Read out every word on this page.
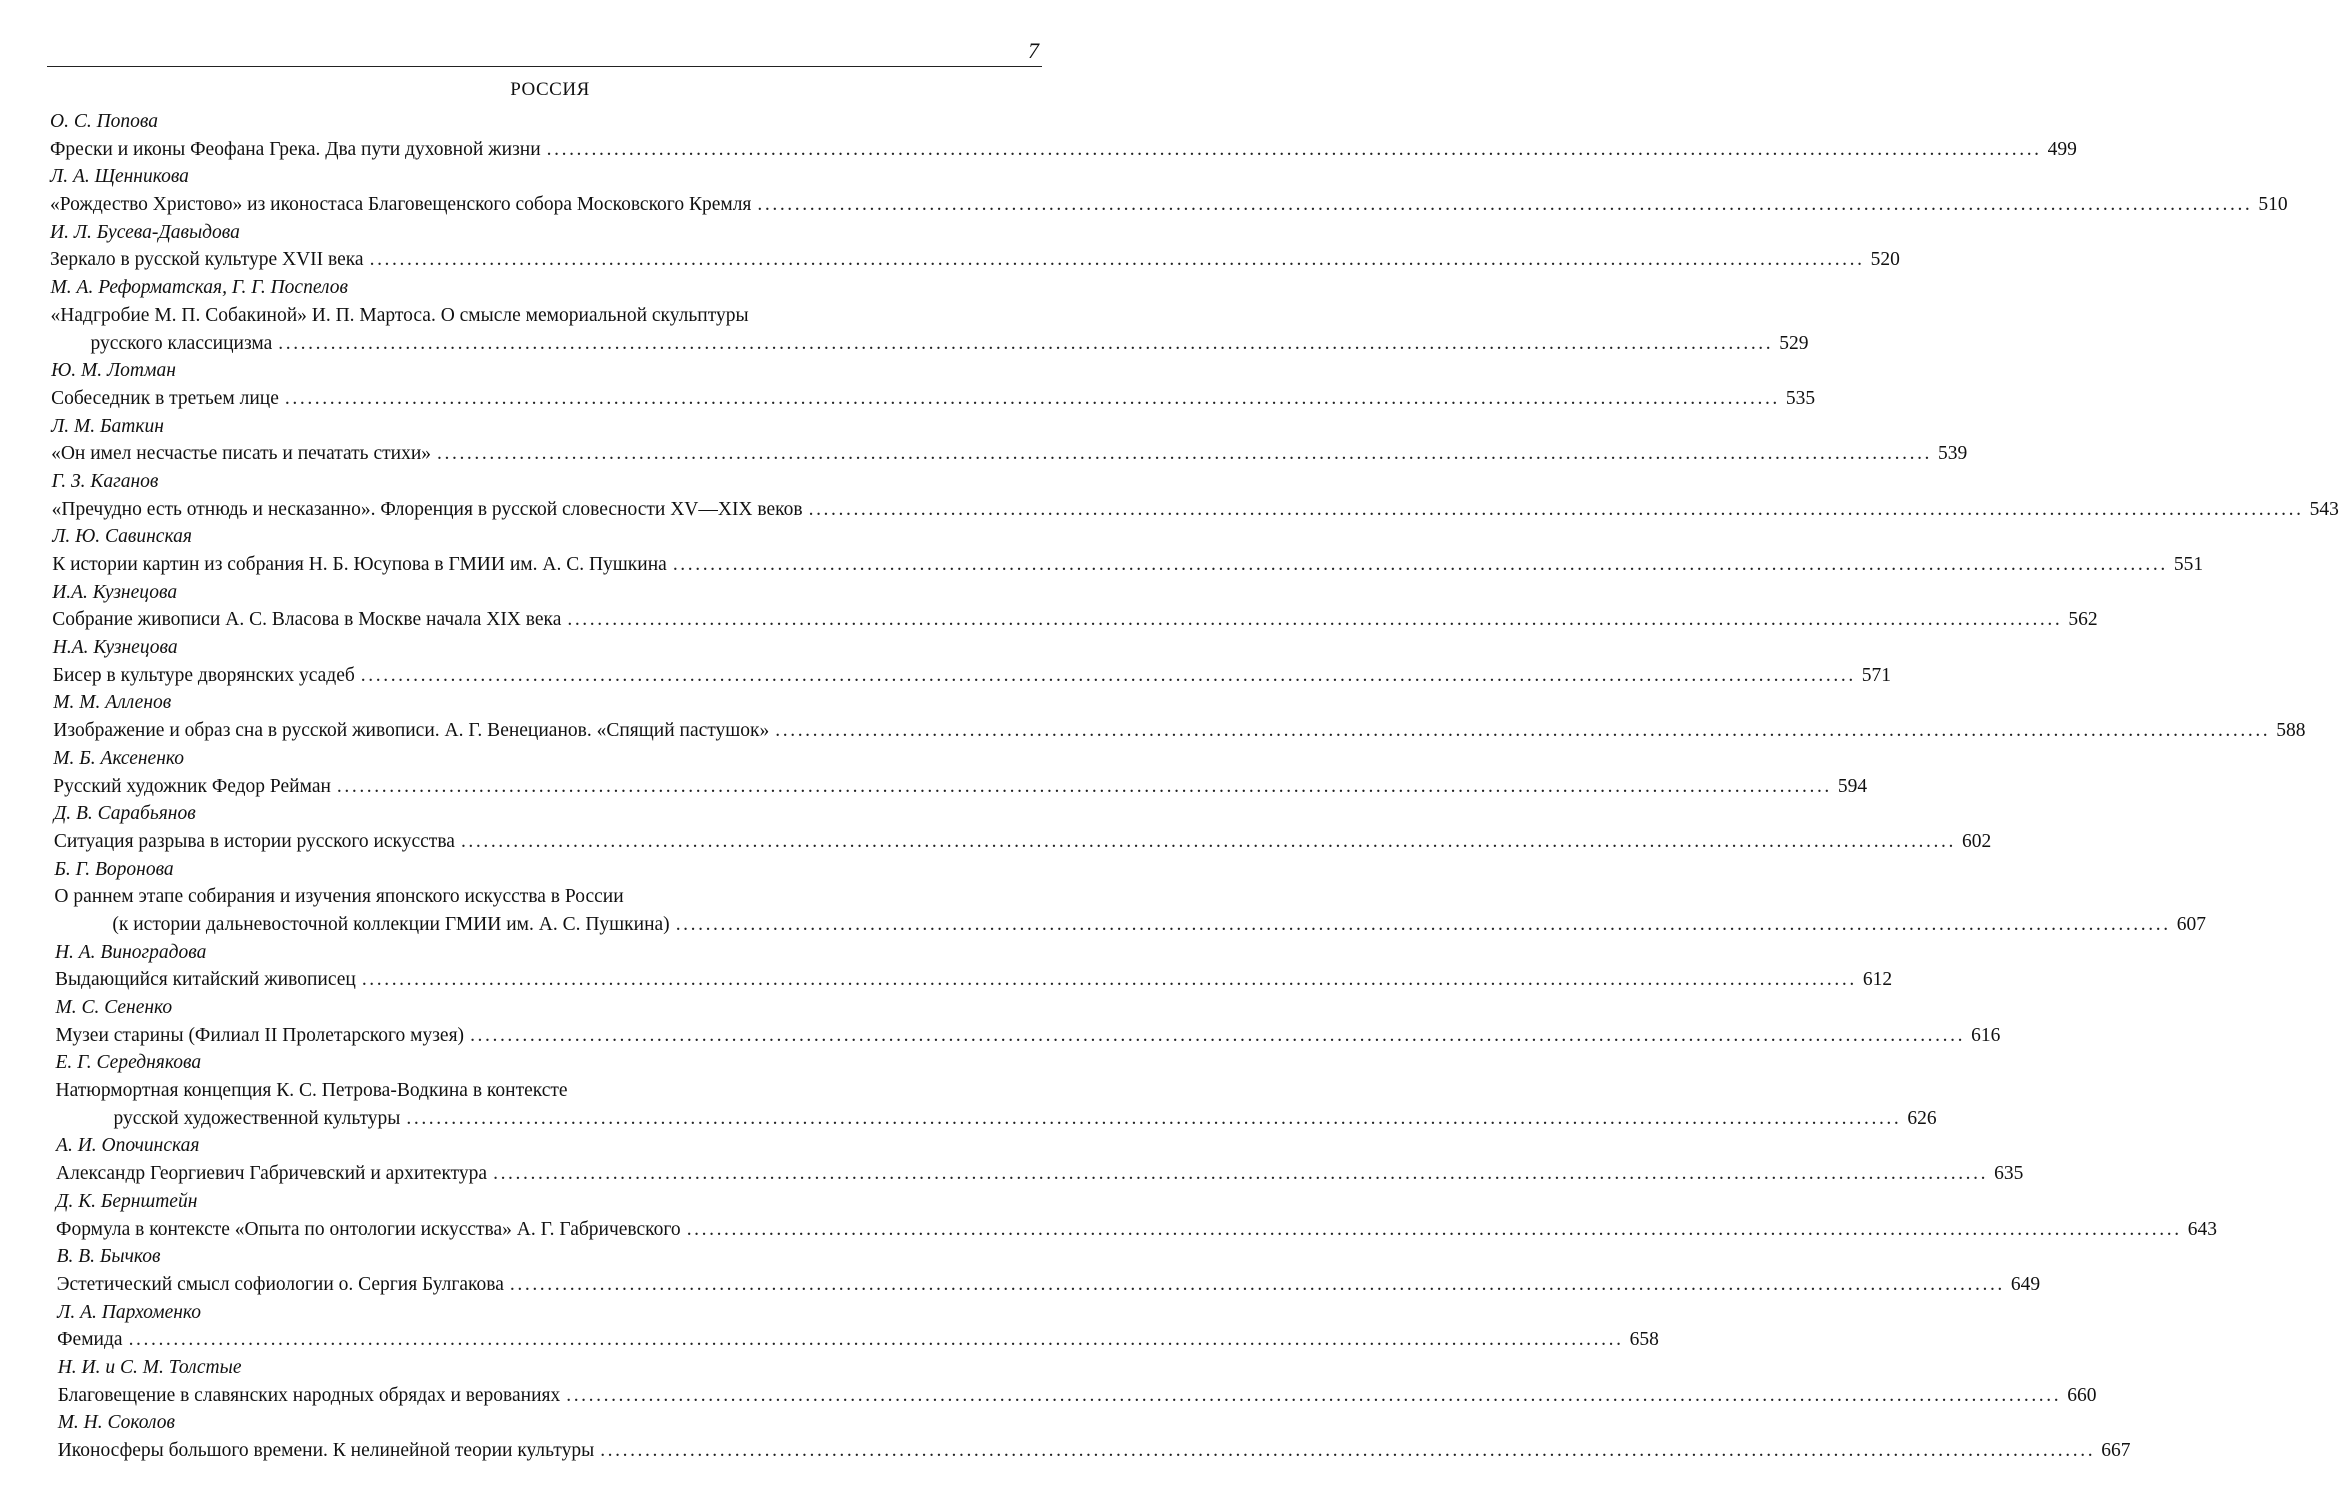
7
РОССИЯ
О. С. Попова
Фрески и иконы Феофана Грека. Два пути духовной жизни ........................................................................................................................................................................................................ 499
Л. А. Щенникова
«Рождество Христово» из иконостаса Благовещенского собора Московского Кремля ........................................................................................................................................................................................................ 510
И. Л. Бусева-Давыдова
Зеркало в русской культуре XVII века ........................................................................................................................................................................................................ 520
М. А. Реформатская, Г. Г. Поспелов
«Надгробие М. П. Собакиной» И. П. Мартоса. О смысле мемориальной скульптуры
русского классицизма ........................................................................................................................................................................................................ 529
Ю. М. Лотман
Собеседник в третьем лице ........................................................................................................................................................................................................ 535
Л. М. Баткин
«Он имел несчастье писать и печатать стихи» ........................................................................................................................................................................................................ 539
Г. З. Каганов
«Пречудно есть отнюдь и несказанно». Флоренция в русской словесности XV—XIX веков ........................................................................................................................................................................................................ 543
Л. Ю. Савинская
К истории картин из собрания Н. Б. Юсупова в ГМИИ им. А. С. Пушкина ........................................................................................................................................................................................................ 551
И.А. Кузнецова
Собрание живописи А. С. Власова в Москве начала XIX века ........................................................................................................................................................................................................ 562
Н.А. Кузнецова
Бисер в культуре дворянских усадеб ........................................................................................................................................................................................................ 571
М. М. Алленов
Изображение и образ сна в русской живописи. А. Г. Венецианов. «Спящий пастушок» ........................................................................................................................................................................................................ 588
М. Б. Аксененко
Русский художник Федор Рейман ........................................................................................................................................................................................................ 594
Д. В. Сарабьянов
Ситуация разрыва в истории русского искусства ........................................................................................................................................................................................................ 602
Б. Г. Воронова
О раннем этапе собирания и изучения японского искусства в России
(к истории дальневосточной коллекции ГМИИ им. А. С. Пушкина) ........................................................................................................................................................................................................ 607
Н. А. Виноградова
Выдающийся китайский живописец ........................................................................................................................................................................................................ 612
М. С. Сененко
Музеи старины (Филиал II Пролетарского музея) ........................................................................................................................................................................................................ 616
Е. Г. Середнякова
Натюрмортная концепция К. С. Петрова-Водкина в контексте
русской художественной культуры ........................................................................................................................................................................................................ 626
А. И. Опочинская
Александр Георгиевич Габричевский и архитектура ........................................................................................................................................................................................................ 635
Д. К. Бернштейн
Формула в контексте «Опыта по онтологии искусства» А. Г. Габричевского ........................................................................................................................................................................................................ 643
В. В. Бычков
Эстетический смысл софиологии о. Сергия Булгакова ........................................................................................................................................................................................................ 649
Л. А. Пархоменко
Фемида ........................................................................................................................................................................................................ 658
Н. И. и С. М. Толстые
Благовещение в славянских народных обрядах и верованиях ........................................................................................................................................................................................................ 660
М. Н. Соколов
Иконосферы большого времени. К нелинейной теории культуры ........................................................................................................................................................................................................ 667
